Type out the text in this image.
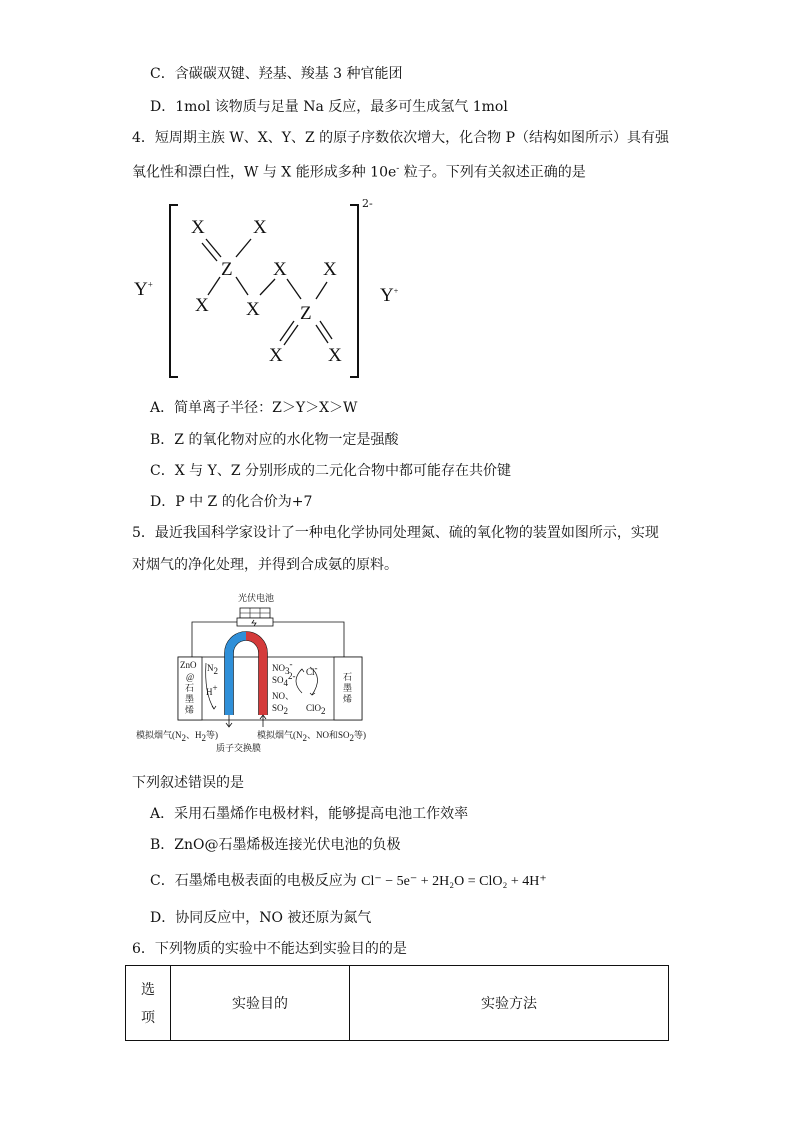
C．含碳碳双键、羟基、羧基 3 种官能团
D．1mol 该物质与足量 Na 反应，最多可生成氢气 1mol
4．短周期主族 W、X、Y、Z 的原子序数依次增大，化合物 P（结构如图所示）具有强
氧化性和漂白性，W 与 X 能形成多种 10e- 粒子。下列有关叙述正确的是
X	X
Z X X
X X Z
X X
Y+
2-
Y+
A．简单离子半径：Z＞Y＞X＞W
B．Z 的氧化物对应的水化物一定是强酸
C．X 与 Y、Z 分别形成的二元化合物中都可能存在共价键
D．P 中 Z 的化合价为+7
5．最近我国科学家设计了一种电化学协同处理氮、硫的氧化物的装置如图所示，实现
对烟气的净化处理，并得到合成氨的原料。
光伏电池
ZnO
@
石
墨
烯
石
墨
烯
$N_2$
H+
$NO_3^-$
$SO_4^{2-}$ Cl-
NO、
$SO_2$ ClO$_2$
模拟烟气($N_2$、$H_2$等)	模拟烟气($N_2$、NO和$SO_2$等)
质子交换膜
下列叙述错误的是
A．采用石墨烯作电极材料，能够提高电池工作效率
B．ZnO@石墨烯极连接光伏电池的负极
C．石墨烯电极表面的电极反应为 Cl⁻ − 5e⁻ + 2H₂O = ClO₂ + 4H⁺
D．协同反应中，NO 被还原为氮气
6．下列物质的实验中不能达到实验目的的是
选
项
	实验目的	实验方法
